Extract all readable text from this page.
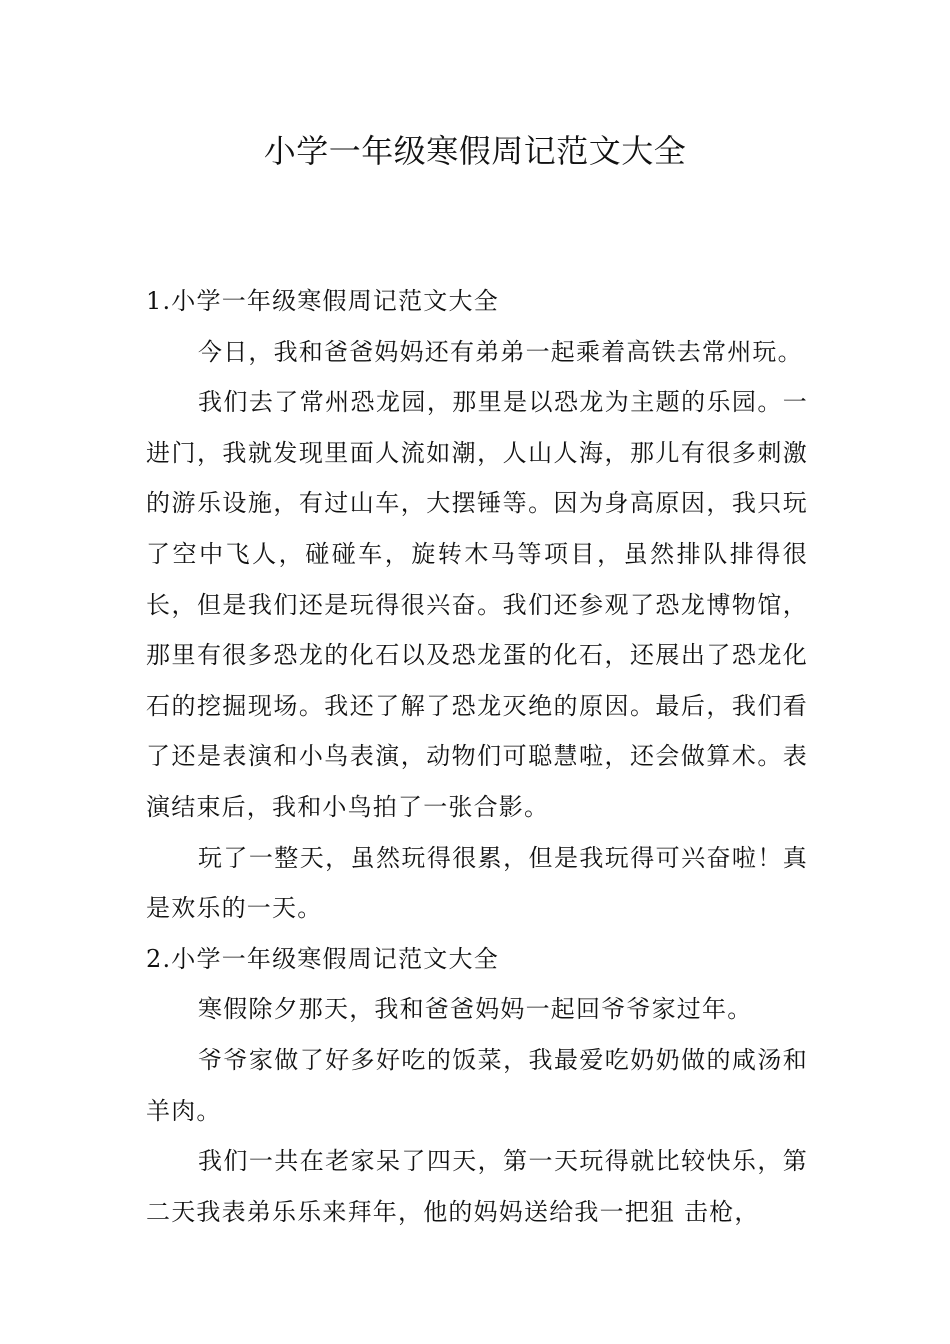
小学一年级寒假周记范文大全

1.小学一年级寒假周记范文大全

今日，我和爸爸妈妈还有弟弟一起乘着高铁去常州玩。

我们去了常州恐龙园，那里是以恐龙为主题的乐园。一进门，我就发现里面人流如潮，人山人海，那儿有很多刺激的游乐设施，有过山车，大摆锤等。因为身高原因，我只玩了空中飞人，碰碰车，旋转木马等项目，虽然排队排得很长，但是我们还是玩得很兴奋。我们还参观了恐龙博物馆，那里有很多恐龙的化石以及恐龙蛋的化石，还展出了恐龙化石的挖掘现场。我还了解了恐龙灭绝的原因。最后，我们看了还是表演和小鸟表演，动物们可聪慧啦，还会做算术。表演结束后，我和小鸟拍了一张合影。

玩了一整天，虽然玩得很累，但是我玩得可兴奋啦！真是欢乐的一天。

2.小学一年级寒假周记范文大全

寒假除夕那天，我和爸爸妈妈一起回爷爷家过年。

爷爷家做了好多好吃的饭菜，我最爱吃奶奶做的咸汤和羊肉。

我们一共在老家呆了四天，第一天玩得就比较快乐，第二天我表弟乐乐来拜年，他的妈妈送给我一把狙 击枪，
